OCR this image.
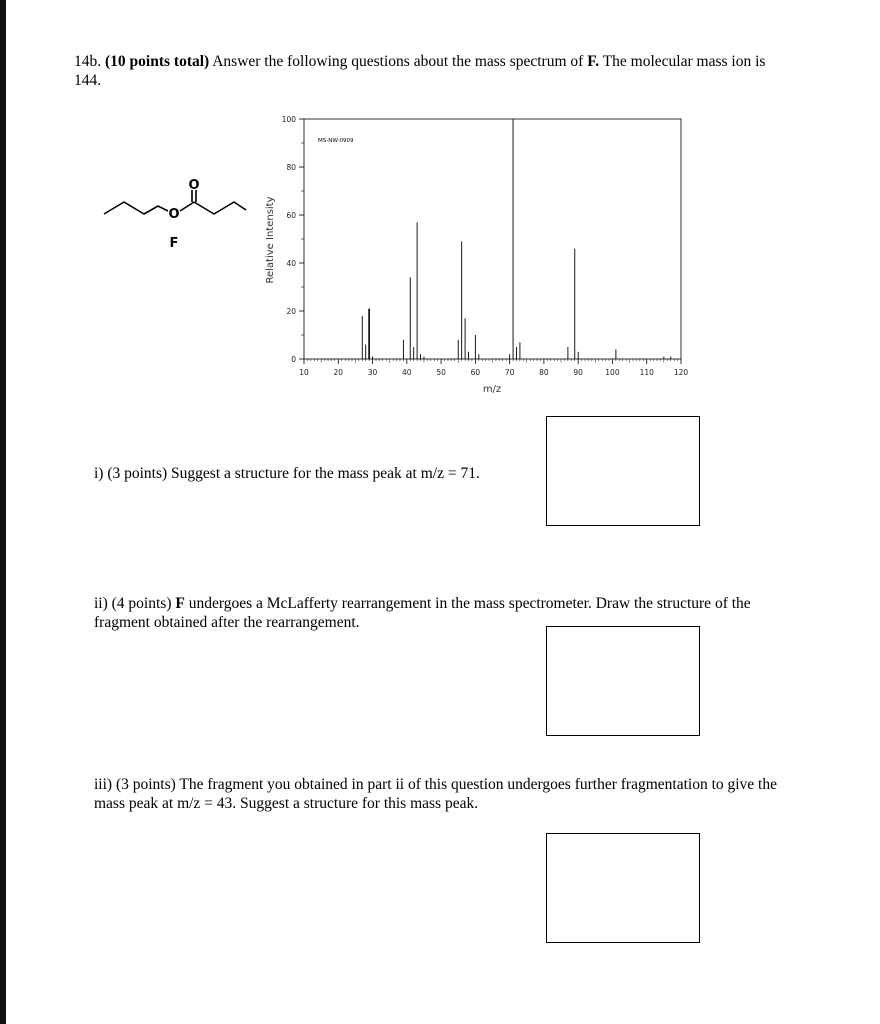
14b. (10 points total) Answer the following questions about the mass spectrum of F. The molecular mass ion is 144.
O
O
F
MS-NW-0909
0
20
40
60
80
100
10	20	30	40	50	60	70	80	90	100	110	120
Relative Intensity
m/z
i) (3 points) Suggest a structure for the mass peak at m/z = 71.
ii) (4 points) F undergoes a McLafferty rearrangement in the mass spectrometer. Draw the structure of the fragment obtained after the rearrangement.
iii) (3 points) The fragment you obtained in part ii of this question undergoes further fragmentation to give the mass peak at m/z = 43. Suggest a structure for this mass peak.
